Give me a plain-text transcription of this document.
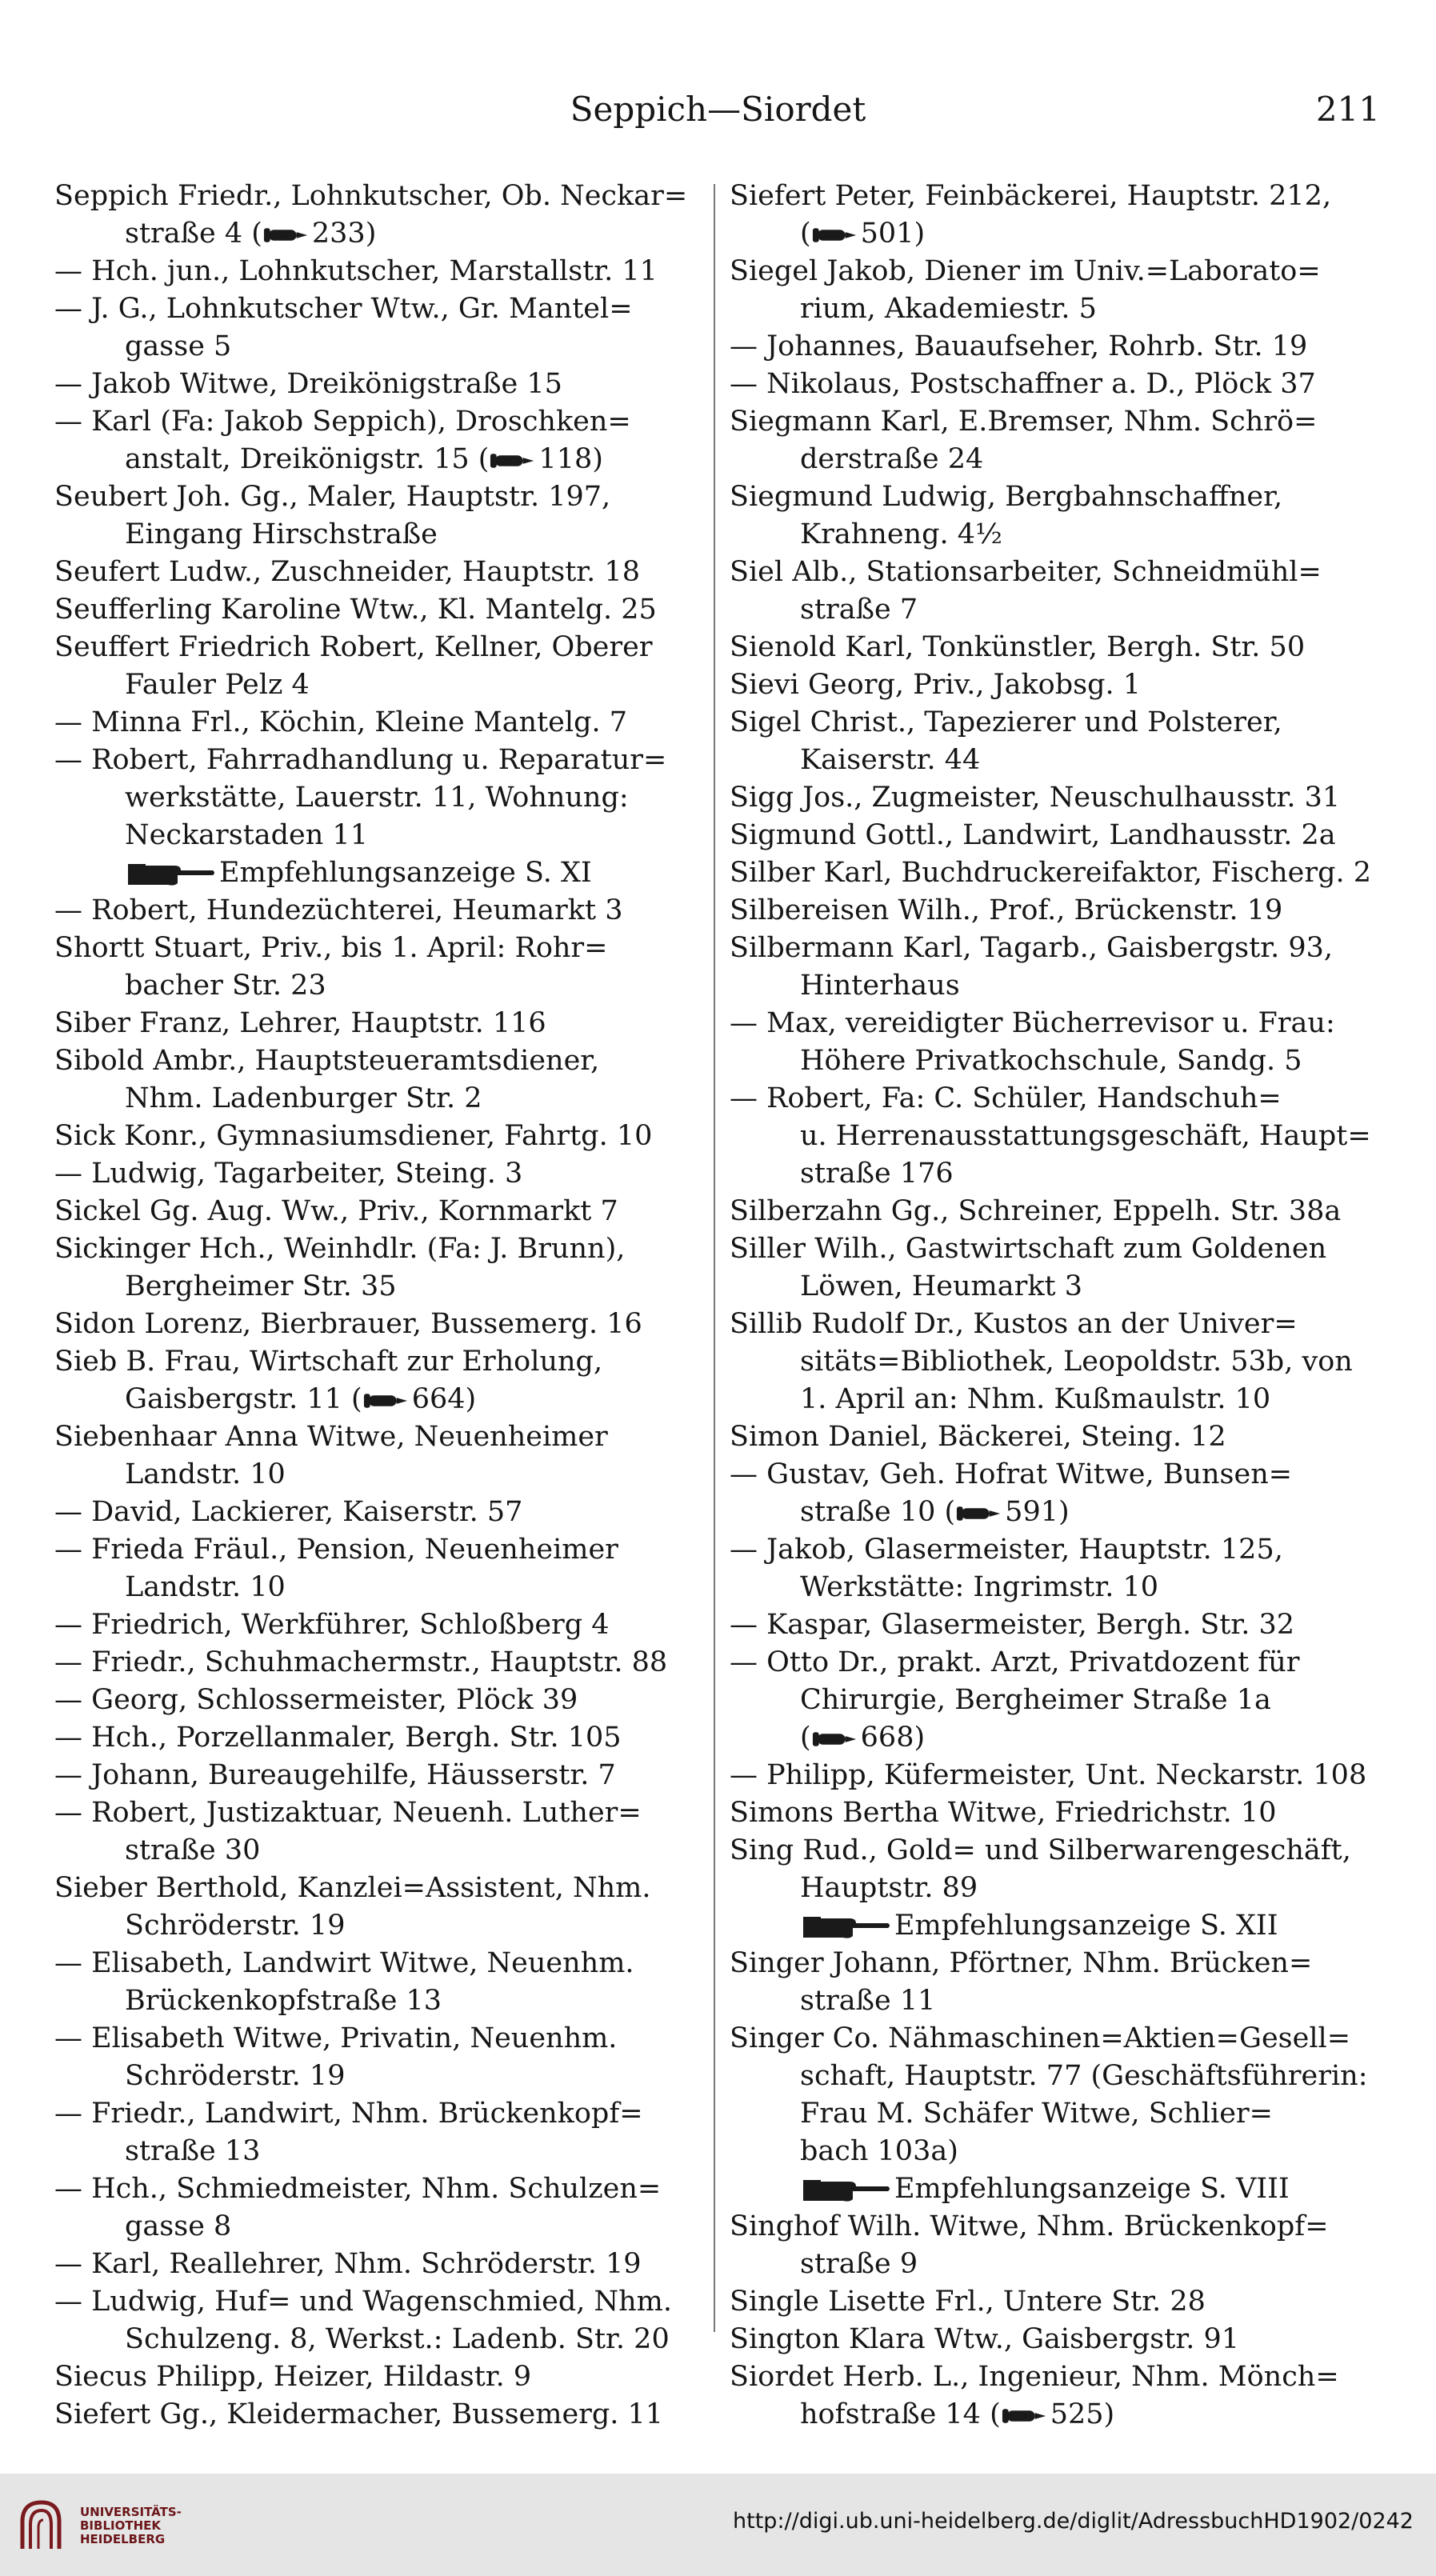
Seppich—Siordet	211
Seppich Friedr., Lohnkutscher, Ob. Neckar=
straße 4 ( 233)
— Hch. jun., Lohnkutscher, Marstallstr. 11
— J. G., Lohnkutscher Wtw., Gr. Mantel=
gasse 5
— Jakob Witwe, Dreikönigstraße 15
— Karl (Fa: Jakob Seppich), Droschken=
anstalt, Dreikönigstr. 15 ( 118)
Seubert Joh. Gg., Maler, Hauptstr. 197,
Eingang Hirschstraße
Seufert Ludw., Zuschneider, Hauptstr. 18
Seufferling Karoline Wtw., Kl. Mantelg. 25
Seuffert Friedrich Robert, Kellner, Oberer
Fauler Pelz 4
— Minna Frl., Köchin, Kleine Mantelg. 7
— Robert, Fahrradhandlung u. Reparatur=
werkstätte, Lauerstr. 11, Wohnung:
Neckarstaden 11
Empfehlungsanzeige S. XI
— Robert, Hundezüchterei, Heumarkt 3
Shortt Stuart, Priv., bis 1. April: Rohr=
bacher Str. 23
Siber Franz, Lehrer, Hauptstr. 116
Sibold Ambr., Hauptsteueramtsdiener,
Nhm. Ladenburger Str. 2
Sick Konr., Gymnasiumsdiener, Fahrtg. 10
— Ludwig, Tagarbeiter, Steing. 3
Sickel Gg. Aug. Ww., Priv., Kornmarkt 7
Sickinger Hch., Weinhdlr. (Fa: J. Brunn),
Bergheimer Str. 35
Sidon Lorenz, Bierbrauer, Bussemerg. 16
Sieb B. Frau, Wirtschaft zur Erholung,
Gaisbergstr. 11 ( 664)
Siebenhaar Anna Witwe, Neuenheimer
Landstr. 10
— David, Lackierer, Kaiserstr. 57
— Frieda Fräul., Pension, Neuenheimer
Landstr. 10
— Friedrich, Werkführer, Schloßberg 4
— Friedr., Schuhmachermstr., Hauptstr. 88
— Georg, Schlossermeister, Plöck 39
— Hch., Porzellanmaler, Bergh. Str. 105
— Johann, Bureaugehilfe, Häusserstr. 7
— Robert, Justizaktuar, Neuenh. Luther=
straße 30
Sieber Berthold, Kanzlei=Assistent, Nhm.
Schröderstr. 19
— Elisabeth, Landwirt Witwe, Neuenhm.
Brückenkopfstraße 13
— Elisabeth Witwe, Privatin, Neuenhm.
Schröderstr. 19
— Friedr., Landwirt, Nhm. Brückenkopf=
straße 13
— Hch., Schmiedmeister, Nhm. Schulzen=
gasse 8
— Karl, Reallehrer, Nhm. Schröderstr. 19
— Ludwig, Huf= und Wagenschmied, Nhm.
Schulzeng. 8, Werkst.: Ladenb. Str. 20
Siecus Philipp, Heizer, Hildastr. 9
Siefert Gg., Kleidermacher, Bussemerg. 11
Siefert Peter, Feinbäckerei, Hauptstr. 212,
( 501)
Siegel Jakob, Diener im Univ.=Laborato=
rium, Akademiestr. 5
— Johannes, Bauaufseher, Rohrb. Str. 19
— Nikolaus, Postschaffner a. D., Plöck 37
Siegmann Karl, E.Bremser, Nhm. Schrö=
derstraße 24
Siegmund Ludwig, Bergbahnschaffner,
Krahneng. 4½
Siel Alb., Stationsarbeiter, Schneidmühl=
straße 7
Sienold Karl, Tonkünstler, Bergh. Str. 50
Sievi Georg, Priv., Jakobsg. 1
Sigel Christ., Tapezierer und Polsterer,
Kaiserstr. 44
Sigg Jos., Zugmeister, Neuschulhausstr. 31
Sigmund Gottl., Landwirt, Landhausstr. 2a
Silber Karl, Buchdruckereifaktor, Fischerg. 2
Silbereisen Wilh., Prof., Brückenstr. 19
Silbermann Karl, Tagarb., Gaisbergstr. 93,
Hinterhaus
— Max, vereidigter Bücherrevisor u. Frau:
Höhere Privatkochschule, Sandg. 5
— Robert, Fa: C. Schüler, Handschuh=
u. Herrenausstattungsgeschäft, Haupt=
straße 176
Silberzahn Gg., Schreiner, Eppelh. Str. 38a
Siller Wilh., Gastwirtschaft zum Goldenen
Löwen, Heumarkt 3
Sillib Rudolf Dr., Kustos an der Univer=
sitäts=Bibliothek, Leopoldstr. 53b, von
1. April an: Nhm. Kußmaulstr. 10
Simon Daniel, Bäckerei, Steing. 12
— Gustav, Geh. Hofrat Witwe, Bunsen=
straße 10 ( 591)
— Jakob, Glasermeister, Hauptstr. 125,
Werkstätte: Ingrimstr. 10
— Kaspar, Glasermeister, Bergh. Str. 32
— Otto Dr., prakt. Arzt, Privatdozent für
Chirurgie, Bergheimer Straße 1a
( 668)
— Philipp, Küfermeister, Unt. Neckarstr. 108
Simons Bertha Witwe, Friedrichstr. 10
Sing Rud., Gold= und Silberwarengeschäft,
Hauptstr. 89
Empfehlungsanzeige S. XII
Singer Johann, Pförtner, Nhm. Brücken=
straße 11
Singer Co. Nähmaschinen=Aktien=Gesell=
schaft, Hauptstr. 77 (Geschäftsführerin:
Frau M. Schäfer Witwe, Schlier=
bach 103a)
Empfehlungsanzeige S. VIII
Singhof Wilh. Witwe, Nhm. Brückenkopf=
straße 9
Single Lisette Frl., Untere Str. 28
Sington Klara Wtw., Gaisbergstr. 91
Siordet Herb. L., Ingenieur, Nhm. Mönch=
hofstraße 14 ( 525)
UNIVERSITÄTS-
BIBLIOTHEK
HEIDELBERG
http://digi.ub.uni-heidelberg.de/diglit/AdressbuchHD1902/0242
